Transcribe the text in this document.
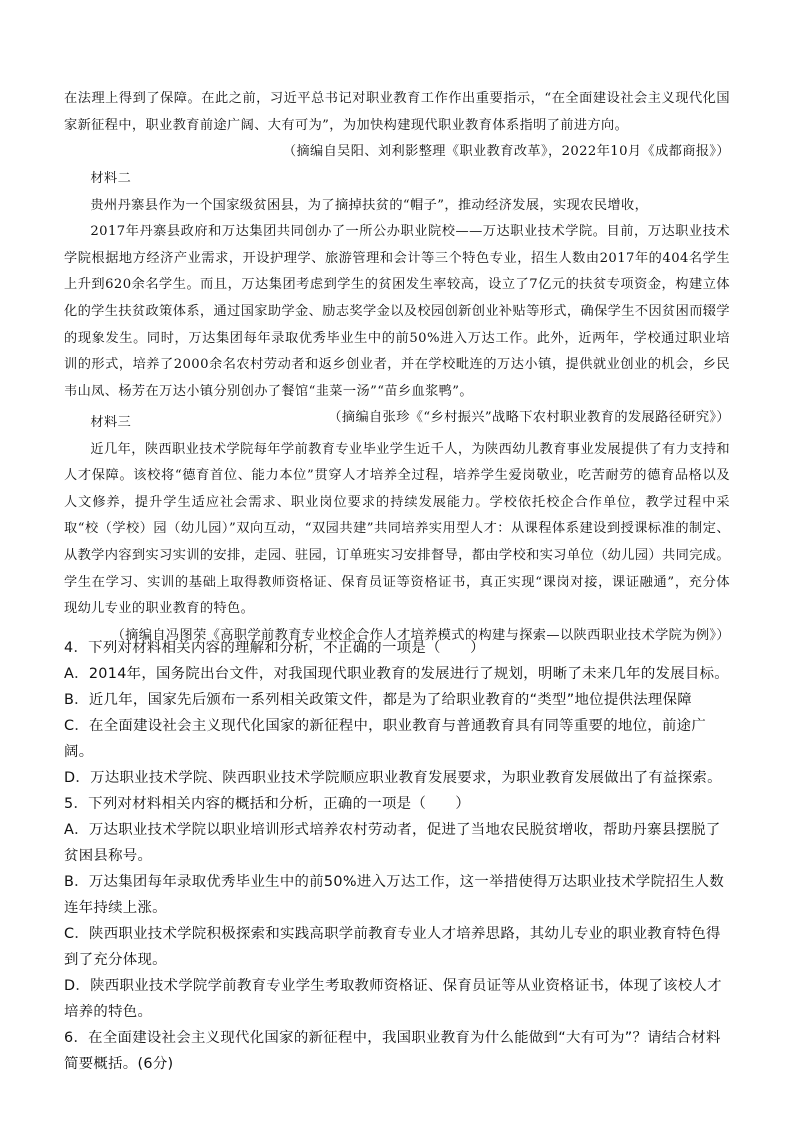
在法理上得到了保障。在此之前，习近平总书记对职业教育工作作出重要指示，“在全面建设社会主义现代化国家新征程中，职业教育前途广阔、大有可为”，为加快构建现代职业教育体系指明了前进方向。

（摘编自吴阳、刘利影整理《职业教育改革》，2022年10月《成都商报》）

材料二

贵州丹寨县作为一个国家级贫困县，为了摘掉扶贫的“帽子”，推动经济发展，实现农民增收，

2017年丹寨县政府和万达集团共同创办了一所公办职业院校——万达职业技术学院。目前，万达职业技术学院根据地方经济产业需求，开设护理学、旅游管理和会计等三个特色专业，招生人数由2017年的404名学生上升到620余名学生。而且，万达集团考虑到学生的贫困发生率较高，设立了7亿元的扶贫专项资金，构建立体化的学生扶贫政策体系，通过国家助学金、励志奖学金以及校园创新创业补贴等形式，确保学生不因贫困而辍学的现象发生。同时，万达集团每年录取优秀毕业生中的前50%进入万达工作。此外，近两年，学校通过职业培训的形式，培养了2000余名农村劳动者和返乡创业者，并在学校毗连的万达小镇，提供就业创业的机会，乡民韦山凤、杨芳在万达小镇分别创办了餐馆“韭菜一汤”“苗乡血浆鸭”。

（摘编自张珍《“乡村振兴”战略下农村职业教育的发展路径研究》）

材料三

近几年，陕西职业技术学院每年学前教育专业毕业学生近千人，为陕西幼儿教育事业发展提供了有力支持和人才保障。该校将“德育首位、能力本位”贯穿人才培养全过程，培养学生爱岗敬业，吃苦耐劳的德育品格以及人文修养，提升学生适应社会需求、职业岗位要求的持续发展能力。学校依托校企合作单位，教学过程中采取“校（学校）园（幼儿园）”双向互动，“双园共建”共同培养实用型人才：从课程体系建设到授课标准的制定、从教学内容到实习实训的安排，走园、驻园，订单班实习安排督导，都由学校和实习单位（幼儿园）共同完成。学生在学习、实训的基础上取得教师资格证、保育员证等资格证书，真正实现“课岗对接，课证融通”，充分体现幼儿专业的职业教育的特色。

（摘编自冯图荣《高职学前教育专业校企合作人才培养模式的构建与探索—以陕西职业技术学院为例》）

4．下列对材料相关内容的理解和分析，不正确的一项是（　　）

A．2014年，国务院出台文件，对我国现代职业教育的发展进行了规划，明晰了未来几年的发展目标。

B．近几年，国家先后颁布一系列相关政策文件，都是为了给职业教育的“类型”地位提供法理保障

C．在全面建设社会主义现代化国家的新征程中，职业教育与普通教育具有同等重要的地位，前途广阔。

D．万达职业技术学院、陕西职业技术学院顺应职业教育发展要求，为职业教育发展做出了有益探索。

5．下列对材料相关内容的概括和分析，正确的一项是（　　）

A．万达职业技术学院以职业培训形式培养农村劳动者，促进了当地农民脱贫增收，帮助丹寨县摆脱了贫困县称号。

B．万达集团每年录取优秀毕业生中的前50%进入万达工作，这一举措使得万达职业技术学院招生人数连年持续上涨。

C．陕西职业技术学院积极探索和实践高职学前教育专业人才培养思路，其幼儿专业的职业教育特色得到了充分体现。

D．陕西职业技术学院学前教育专业学生考取教师资格证、保育员证等从业资格证书，体现了该校人才培养的特色。

6．在全面建设社会主义现代化国家的新征程中，我国职业教育为什么能做到“大有可为”？请结合材料简要概括。(6分)
